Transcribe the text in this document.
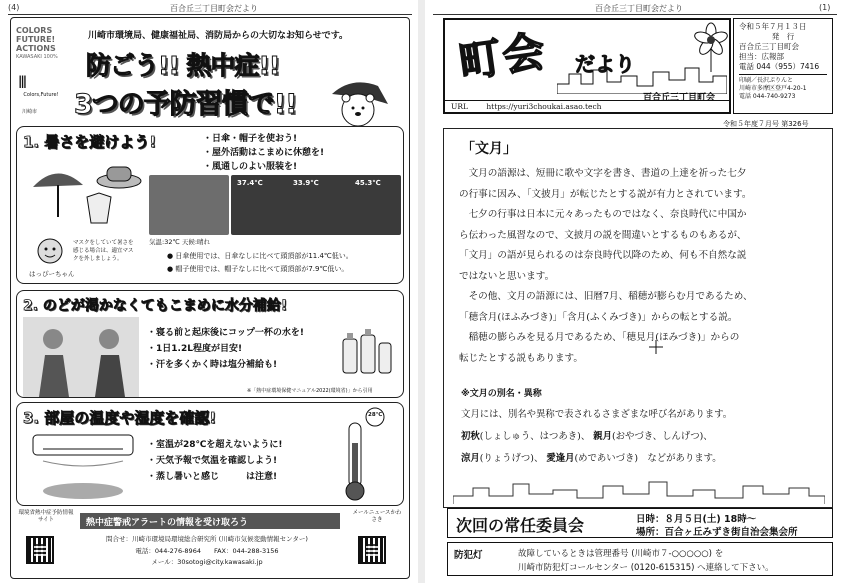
(4)	百合丘三丁目町会だより
COLORS
FUTURE!
ACTIONS
KAWASAKI 100%
|||
Colors,Future!
川崎市
川崎市環境局、健康福祉局、消防局からの大切なお知らせです。
防ごう!! 熱中症!!
3つの予防習慣で!!
1. 暑さを避けよう!	・日傘・帽子を使おう!
・屋外活動はこまめに休憩を!
・風通しのよい服装を!
マスクをしていて暑さを感じる場合は、適宜マスクを外しましょう。
はっぴーちゃん
37.4℃	33.9℃	45.3℃
気温:32℃ 天候:晴れ
● 日傘使用では、日傘なしに比べて頭頂部が11.4℃低い。
● 帽子使用では、帽子なしに比べて頭頂部が7.9℃低い。
2. のどが渇かなくてもこまめに水分補給!
・寝る前と起床後にコップ一杯の水を!
・1日1.2L程度が目安!
・汗を多くかく時は塩分補給も!
※「熱中症環境保健マニュアル2022(環境省)」から引用
3. 部屋の温度や湿度を確認!
・室温が28℃を超えないように!
・天気予報で気温を確認しよう!
・蒸し暑いと感じ　　　は注意!
28℃
環境省熱中症予防情報サイト	熱中症警戒アラートの情報を受け取ろう
メールニュースかわさき
問合せ：川崎市環境局環境総合研究所 (川崎市気候変動情報センター)
電話：044-276-8964　　FAX：044-288-3156
メール：30sotogi@city.kawasaki.jp
百合丘三丁目町会だより	(1)
町会 だより
百合丘三丁目町会
URL https://yuri3choukai.asao.tech
令和５年７月１３日
発　行
百合丘三丁目町会
担当：広報部
電話 044（955）7416
印刷／長沢ぷりんと
川崎市多摩区登戸4-20-1
電話 044-740-9273
令和５年度７月号 第326号
「文月」
　文月の語源は、短冊に歌や文字を書き、書道の上達を祈った七夕
の行事に因み、「文披月」が転じたとする説が有力とされています。
　七夕の行事は日本に元々あったものではなく、奈良時代に中国か
ら伝わった風習なので、文披月の説を間違いとするものもあるが、
「文月」の語が見られるのは奈良時代以降のため、何も不自然な説
ではないと思います。
　その他、文月の語源には、旧暦7月、稲穂が膨らむ月であるため、
「穂含月(ほふみづき)」「含月(ふくみづき)」からの転とする説。
　稲穂の膨らみを見る月であるため、「穂見月(ほみづき)」からの
転じたとする説もあります。
※文月の別名・異称
文月には、別名や異称で表されるさまざまな呼び名があります。
初秋(しょしゅう、はつあき)、 親月(おやづき、しんげつ)、
涼月(りょうげつ)、 愛逢月(めであいづき)　などがあります。
次回の常任委員会	日時：８月５日(土) 18時～
場所：百合ヶ丘みずき街自治会集会所
防犯灯	故障しているときは管理番号 (川崎市７-○○○○○) を
川崎市防犯灯コールセンター (0120-615315) へ連絡して下さい。
